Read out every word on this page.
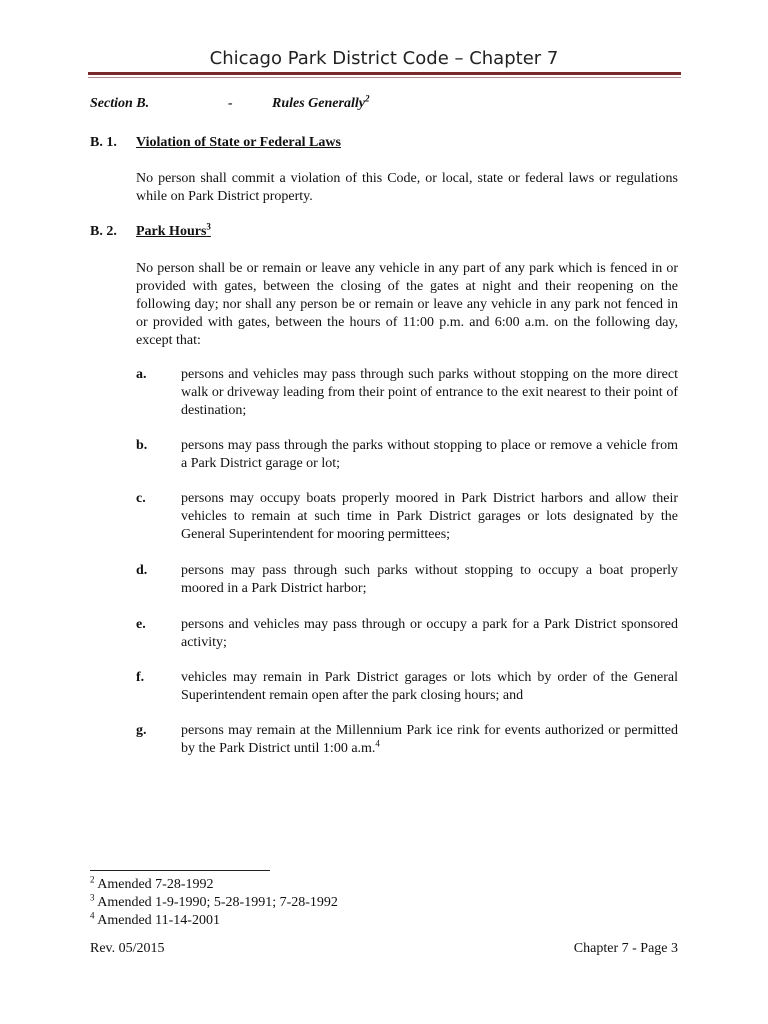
Chicago Park District Code – Chapter 7
Section B.	-	Rules Generally$^2$
B. 1. Violation of State or Federal Laws
No person shall commit a violation of this Code, or local, state or federal laws or regulations while on Park District property.
B. 2. Park Hours$^3$
No person shall be or remain or leave any vehicle in any part of any park which is fenced in or provided with gates, between the closing of the gates at night and their reopening on the following day; nor shall any person be or remain or leave any vehicle in any park not fenced in or provided with gates, between the hours of 11:00 p.m. and 6:00 a.m. on the following day, except that:
a. persons and vehicles may pass through such parks without stopping on the more direct walk or driveway leading from their point of entrance to the exit nearest to their point of destination;
b. persons may pass through the parks without stopping to place or remove a vehicle from a Park District garage or lot;
c.	persons may occupy boats properly moored in Park District harbors and allow their vehicles to remain at such time in Park District garages or lots designated by the General Superintendent for mooring permittees;
d. persons may pass through such parks without stopping to occupy a boat properly moored in a Park District harbor;
e.	persons and vehicles may pass through or occupy a park for a Park District sponsored activity;
f.	vehicles may remain in Park District garages or lots which by order of the General Superintendent remain open after the park closing hours; and
g. persons may remain at the Millennium Park ice rink for events authorized or permitted by the Park District until 1:00 a.m.$^4$
$^2$ Amended 7-28-1992
$^3$ Amended 1-9-1990; 5-28-1991; 7-28-1992
$^4$ Amended 11-14-2001
Rev. 05/2015	Chapter 7 - Page 3
